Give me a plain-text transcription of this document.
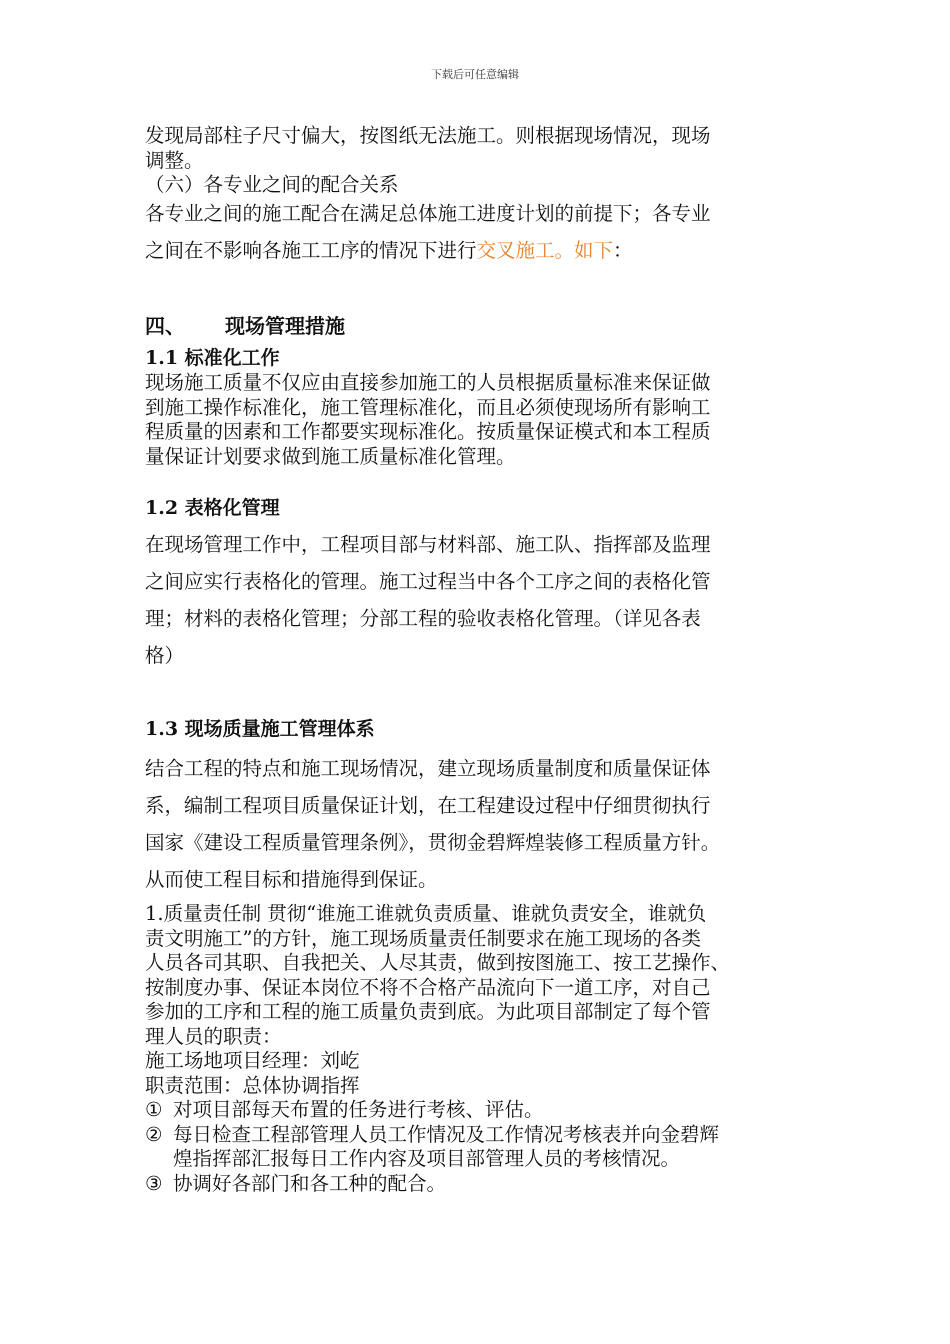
下载后可任意编辑

发现局部柱子尺寸偏大，按图纸无法施工。则根据现场情况，现场

调整。

（六）各专业之间的配合关系

各专业之间的施工配合在满足总体施工进度计划的前提下；各专业

之间在不影响各施工工序的情况下进行交叉施工。如下：

四、 现场管理措施

1.1 标准化工作

现场施工质量不仅应由直接参加施工的人员根据质量标准来保证做

到施工操作标准化，施工管理标准化，而且必须使现场所有影响工

程质量的因素和工作都要实现标准化。按质量保证模式和本工程质

量保证计划要求做到施工质量标准化管理。

1.2 表格化管理

在现场管理工作中，工程项目部与材料部、施工队、指挥部及监理

之间应实行表格化的管理。施工过程当中各个工序之间的表格化管

理；材料的表格化管理；分部工程的验收表格化管理。（详见各表

格）

1.3 现场质量施工管理体系

结合工程的特点和施工现场情况，建立现场质量制度和质量保证体

系，编制工程项目质量保证计划，在工程建设过程中仔细贯彻执行

国家《建设工程质量管理条例》，贯彻金碧辉煌装修工程质量方针。

从而使工程目标和措施得到保证。

1.质量责任制 贯彻“谁施工谁就负责质量、谁就负责安全，谁就负

责文明施工”的方针，施工现场质量责任制要求在施工现场的各类

人员各司其职、自我把关、人尽其责，做到按图施工、按工艺操作、

按制度办事、保证本岗位不将不合格产品流向下一道工序，对自己

参加的工序和工程的施工质量负责到底。为此项目部制定了每个管

理人员的职责：

施工场地项目经理：刘屹

职责范围：总体协调指挥

① 对项目部每天布置的任务进行考核、评估。

② 每日检查工程部管理人员工作情况及工作情况考核表并向金碧辉

煌指挥部汇报每日工作内容及项目部管理人员的考核情况。

③ 协调好各部门和各工种的配合。
